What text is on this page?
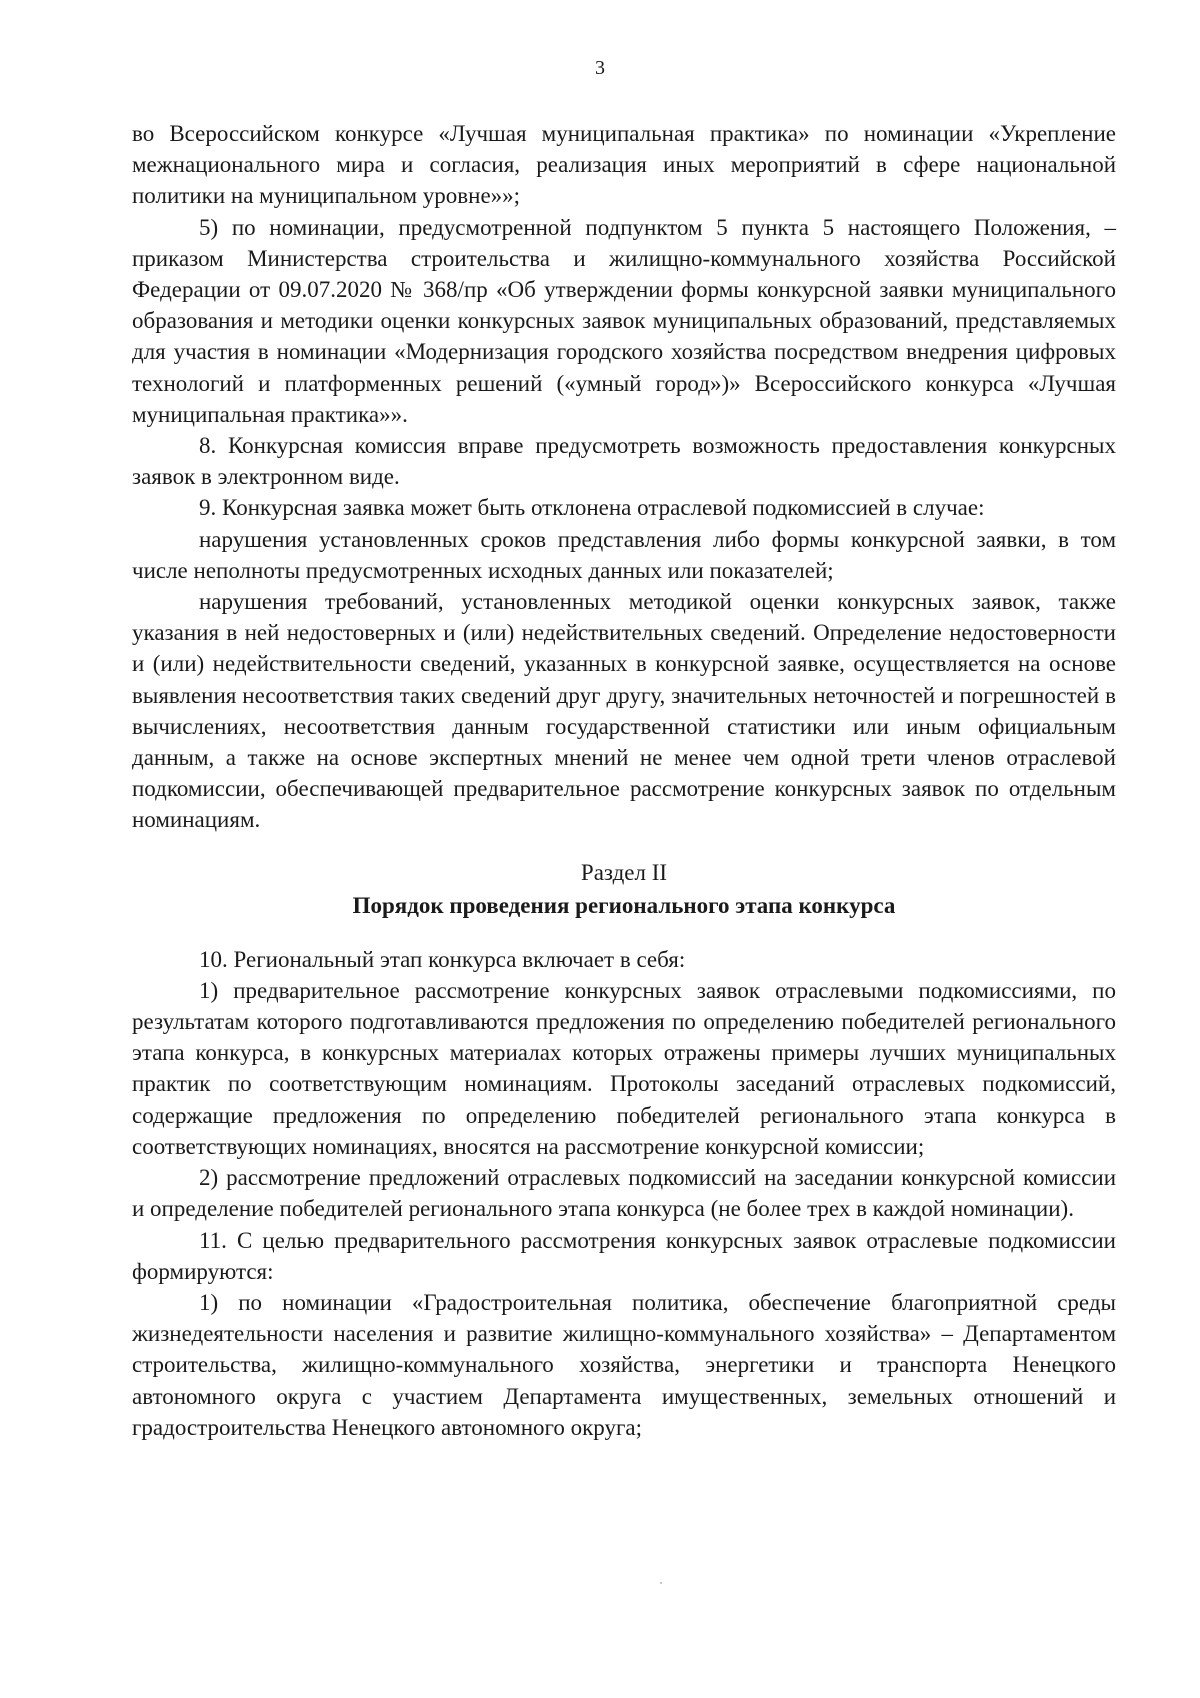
3

во Всероссийском конкурсе «Лучшая муниципальная практика» по номинации «Укрепление межнационального мира и согласия, реализация иных мероприятий в сфере национальной политики на муниципальном уровне»»;

5) по номинации, предусмотренной подпунктом 5 пункта 5 настоящего Положения, – приказом Министерства строительства и жилищно-коммунального хозяйства Российской Федерации от 09.07.2020 № 368/пр «Об утверждении формы конкурсной заявки муниципального образования и методики оценки конкурсных заявок муниципальных образований, представляемых для участия в номинации «Модернизация городского хозяйства посредством внедрения цифровых технологий и платформенных решений («умный город»)» Всероссийского конкурса «Лучшая муниципальная практика»».

8. Конкурсная комиссия вправе предусмотреть возможность предоставления конкурсных заявок в электронном виде.

9. Конкурсная заявка может быть отклонена отраслевой подкомиссией в случае:

нарушения установленных сроков представления либо формы конкурсной заявки, в том числе неполноты предусмотренных исходных данных или показателей;

нарушения требований, установленных методикой оценки конкурсных заявок, также указания в ней недостоверных и (или) недействительных сведений. Определение недостоверности и (или) недействительности сведений, указанных в конкурсной заявке, осуществляется на основе выявления несоответствия таких сведений друг другу, значительных неточностей и погрешностей в вычислениях, несоответствия данным государственной статистики или иным официальным данным, а также на основе экспертных мнений не менее чем одной трети членов отраслевой подкомиссии, обеспечивающей предварительное рассмотрение конкурсных заявок по отдельным номинациям.

Раздел II
Порядок проведения регионального этапа конкурса

10. Региональный этап конкурса включает в себя:

1) предварительное рассмотрение конкурсных заявок отраслевыми подкомиссиями, по результатам которого подготавливаются предложения по определению победителей регионального этапа конкурса, в конкурсных материалах которых отражены примеры лучших муниципальных практик по соответствующим номинациям. Протоколы заседаний отраслевых подкомиссий, содержащие предложения по определению победителей регионального этапа конкурса в соответствующих номинациях, вносятся на рассмотрение конкурсной комиссии;

2) рассмотрение предложений отраслевых подкомиссий на заседании конкурсной комиссии и определение победителей регионального этапа конкурса (не более трех в каждой номинации).

11. С целью предварительного рассмотрения конкурсных заявок отраслевые подкомиссии формируются:

1) по номинации «Градостроительная политика, обеспечение благоприятной среды жизнедеятельности населения и развитие жилищно-коммунального хозяйства» – Департаментом строительства, жилищно-коммунального хозяйства, энергетики и транспорта Ненецкого автономного округа с участием Департамента имущественных, земельных отношений и градостроительства Ненецкого автономного округа;
